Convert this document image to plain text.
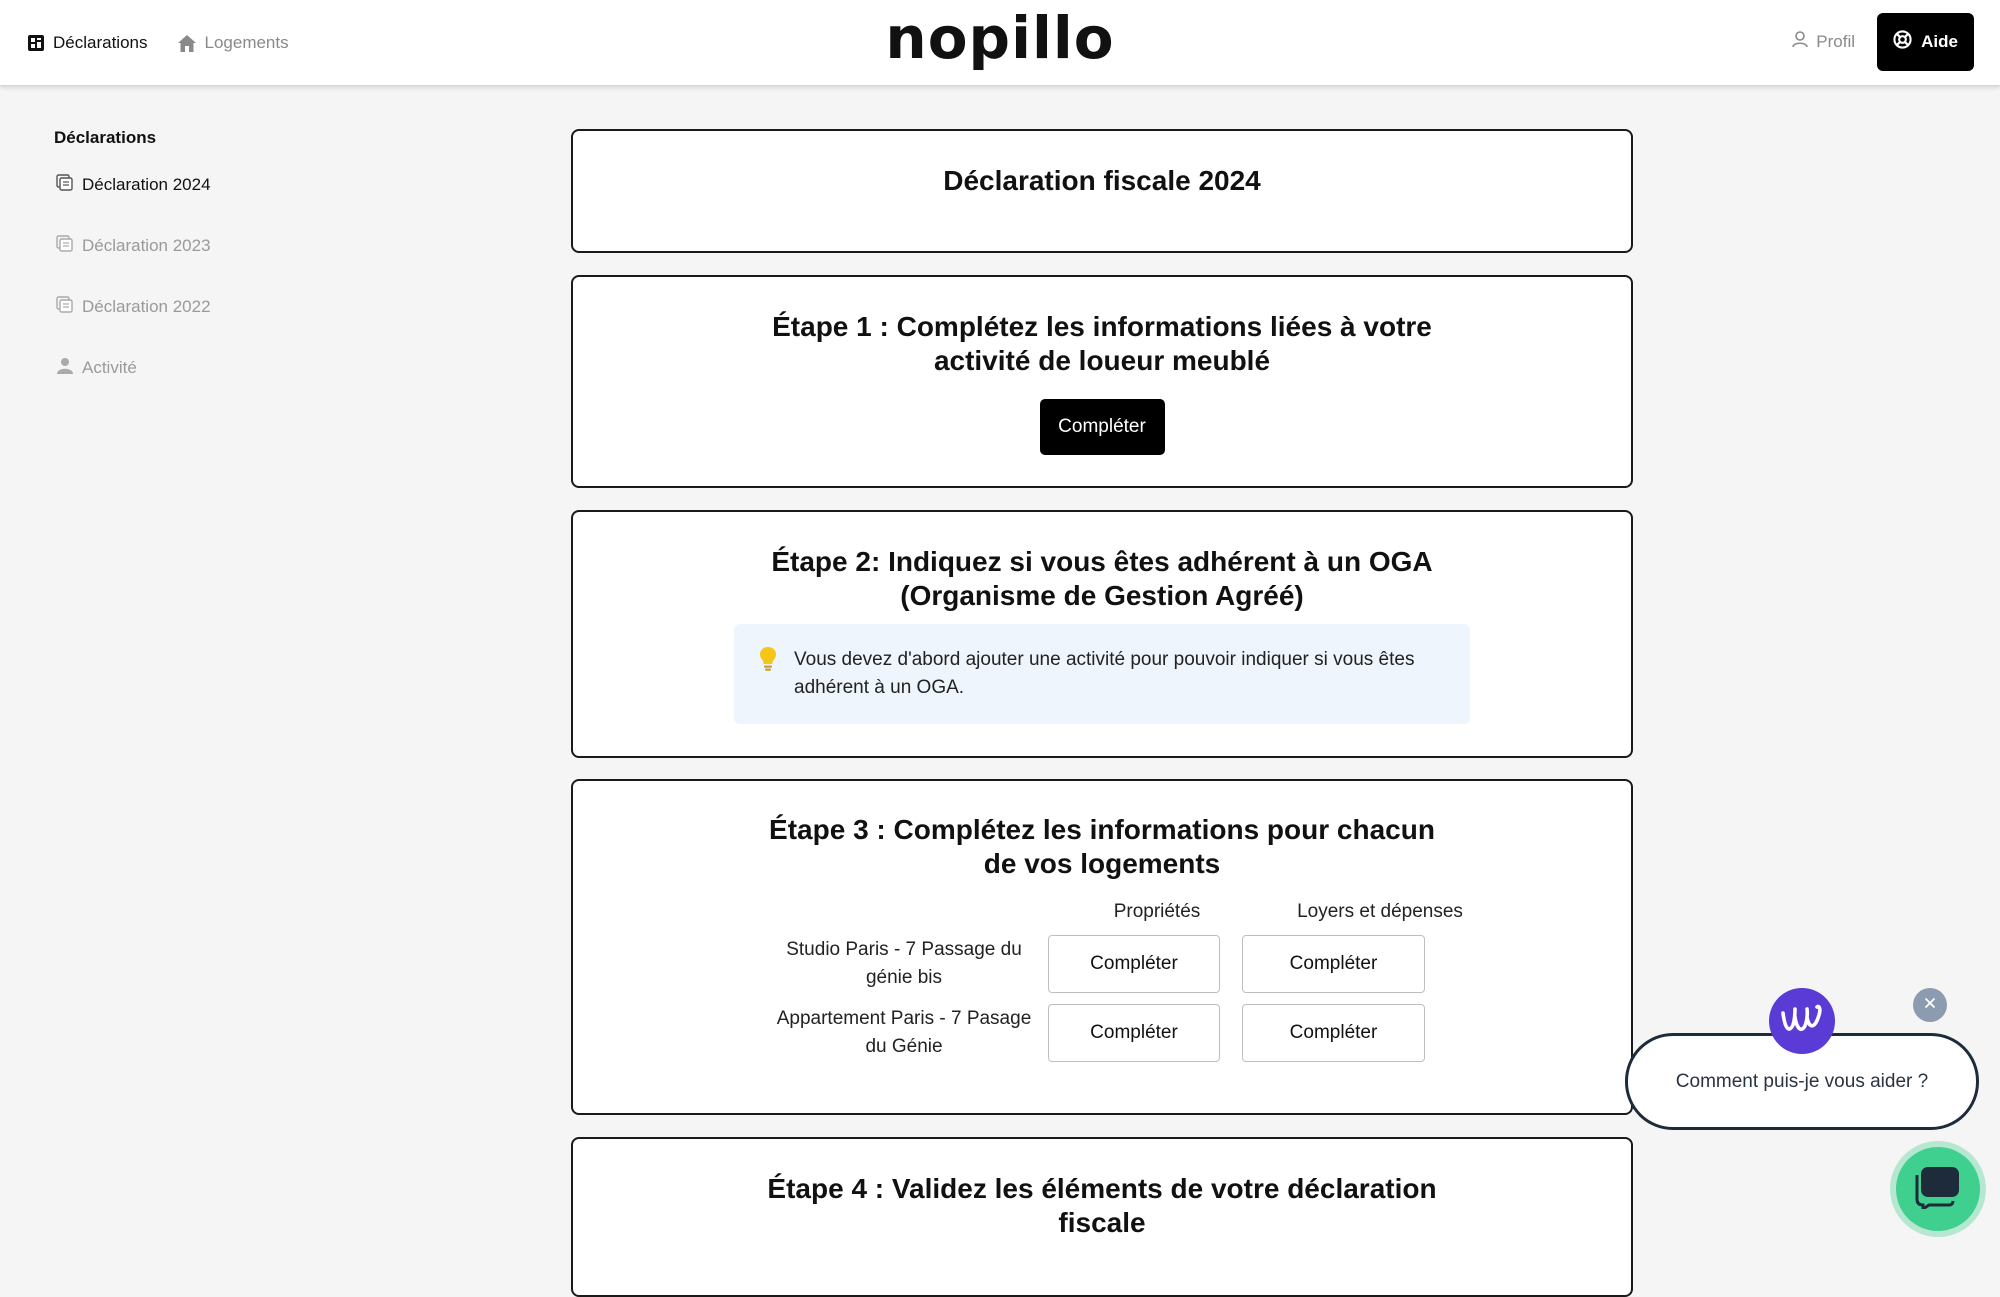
Déclarations	Logements	nopillo	Profil	Aide
Déclarations
Déclaration 2024
Déclaration 2023
Déclaration 2022
Activité
Déclaration fiscale 2024
Étape 1 : Complétez les informations liées à votre
activité de loueur meublé
Compléter
Étape 2: Indiquez si vous êtes adhérent à un OGA
(Organisme de Gestion Agréé)

Vous devez d'abord ajouter une activité pour pouvoir indiquer si vous êtes adhérent à un OGA.

Étape 3 : Complétez les informations pour chacun
de vos logements
Propriétés	Loyers et dépenses
Studio Paris - 7 Passage du génie bis
Compléter	Compléter
Appartement Paris - 7 Pasage du Génie
Compléter	Compléter
Étape 4 : Validez les éléments de votre déclaration
fiscale
Comment puis-je vous aider ?
